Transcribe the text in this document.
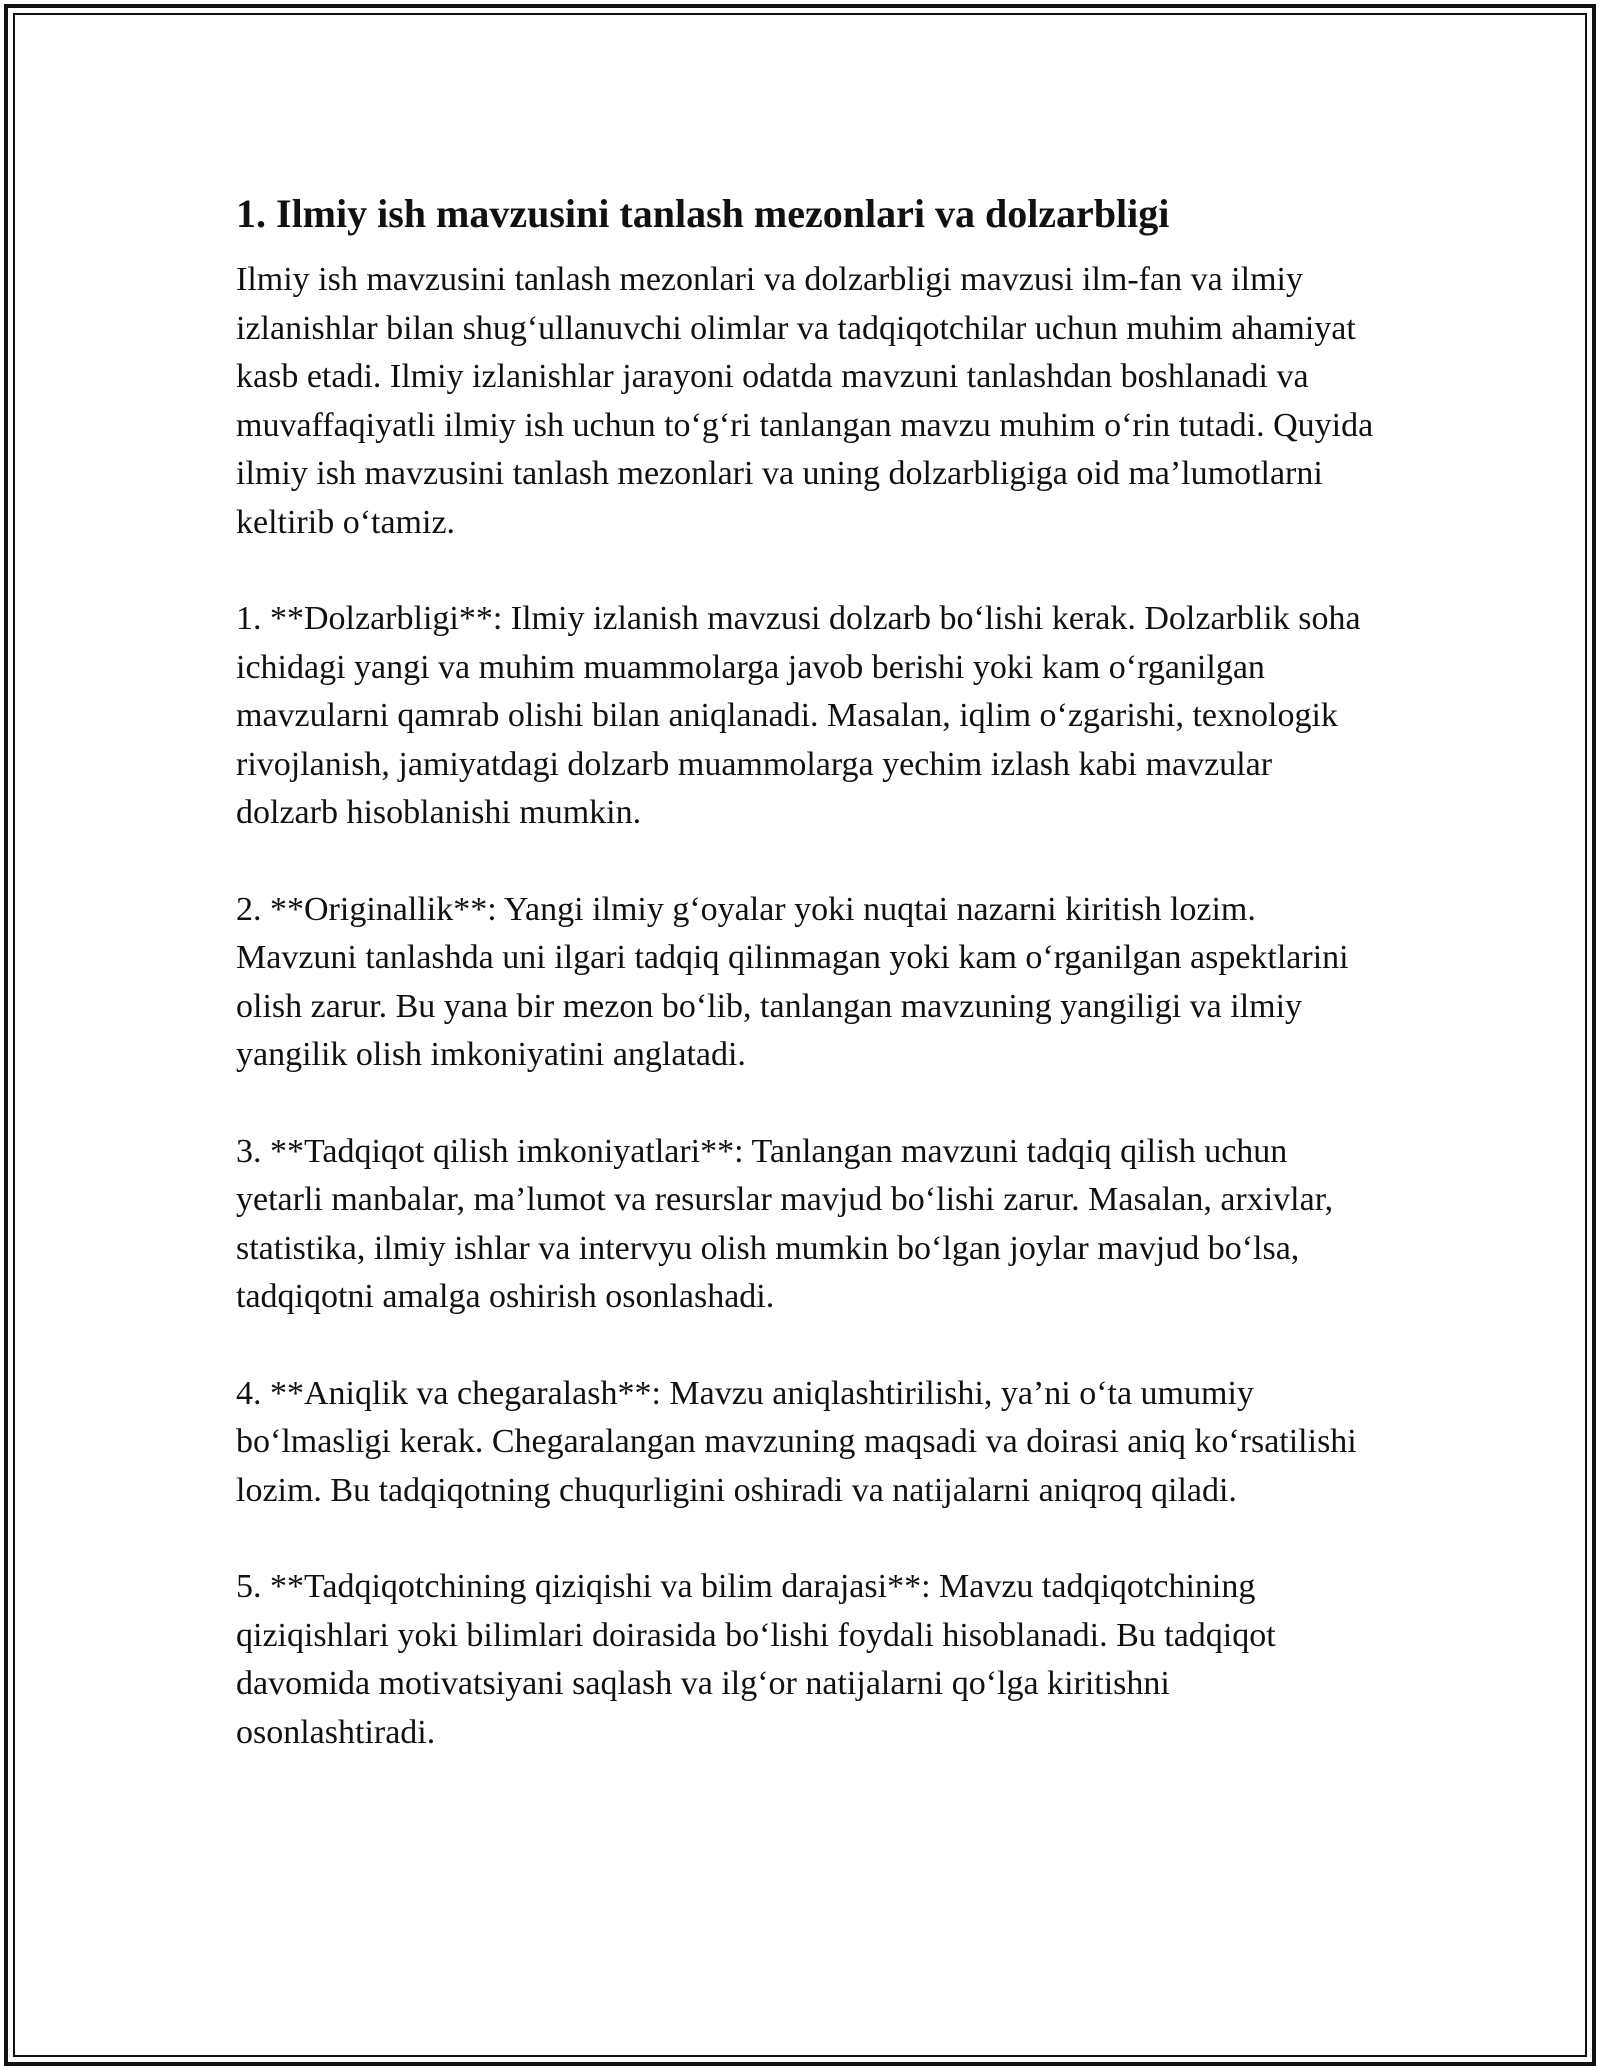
1. Ilmiy ish mavzusini tanlash mezonlari va dolzarbligi

Ilmiy ish mavzusini tanlash mezonlari va dolzarbligi mavzusi ilm-fan va ilmiy izlanishlar bilan shug‘ullanuvchi olimlar va tadqiqotchilar uchun muhim ahamiyat kasb etadi. Ilmiy izlanishlar jarayoni odatda mavzuni tanlashdan boshlanadi va muvaffaqiyatli ilmiy ish uchun to‘g‘ri tanlangan mavzu muhim o‘rin tutadi. Quyida ilmiy ish mavzusini tanlash mezonlari va uning dolzarbligiga oid ma’lumotlarni keltirib o‘tamiz.

1. **Dolzarbligi**: Ilmiy izlanish mavzusi dolzarb bo‘lishi kerak. Dolzarblik soha ichidagi yangi va muhim muammolarga javob berishi yoki kam o‘rganilgan mavzularni qamrab olishi bilan aniqlanadi. Masalan, iqlim o‘zgarishi, texnologik rivojlanish, jamiyatdagi dolzarb muammolarga yechim izlash kabi mavzular dolzarb hisoblanishi mumkin.

2. **Originallik**: Yangi ilmiy g‘oyalar yoki nuqtai nazarni kiritish lozim. Mavzuni tanlashda uni ilgari tadqiq qilinmagan yoki kam o‘rganilgan aspektlarini olish zarur. Bu yana bir mezon bo‘lib, tanlangan mavzuning yangiligi va ilmiy yangilik olish imkoniyatini anglatadi.

3. **Tadqiqot qilish imkoniyatlari**: Tanlangan mavzuni tadqiq qilish uchun yetarli manbalar, ma’lumot va resurslar mavjud bo‘lishi zarur. Masalan, arxivlar, statistika, ilmiy ishlar va intervyu olish mumkin bo‘lgan joylar mavjud bo‘lsa, tadqiqotni amalga oshirish osonlashadi.

4. **Aniqlik va chegaralash**: Mavzu aniqlashtirilishi, ya’ni o‘ta umumiy bo‘lmasligi kerak. Chegaralangan mavzuning maqsadi va doirasi aniq ko‘rsatilishi lozim. Bu tadqiqotning chuqurligini oshiradi va natijalarni aniqroq qiladi.

5. **Tadqiqotchining qiziqishi va bilim darajasi**: Mavzu tadqiqotchining qiziqishlari yoki bilimlari doirasida bo‘lishi foydali hisoblanadi. Bu tadqiqot davomida motivatsiyani saqlash va ilg‘or natijalarni qo‘lga kiritishni osonlashtiradi.
